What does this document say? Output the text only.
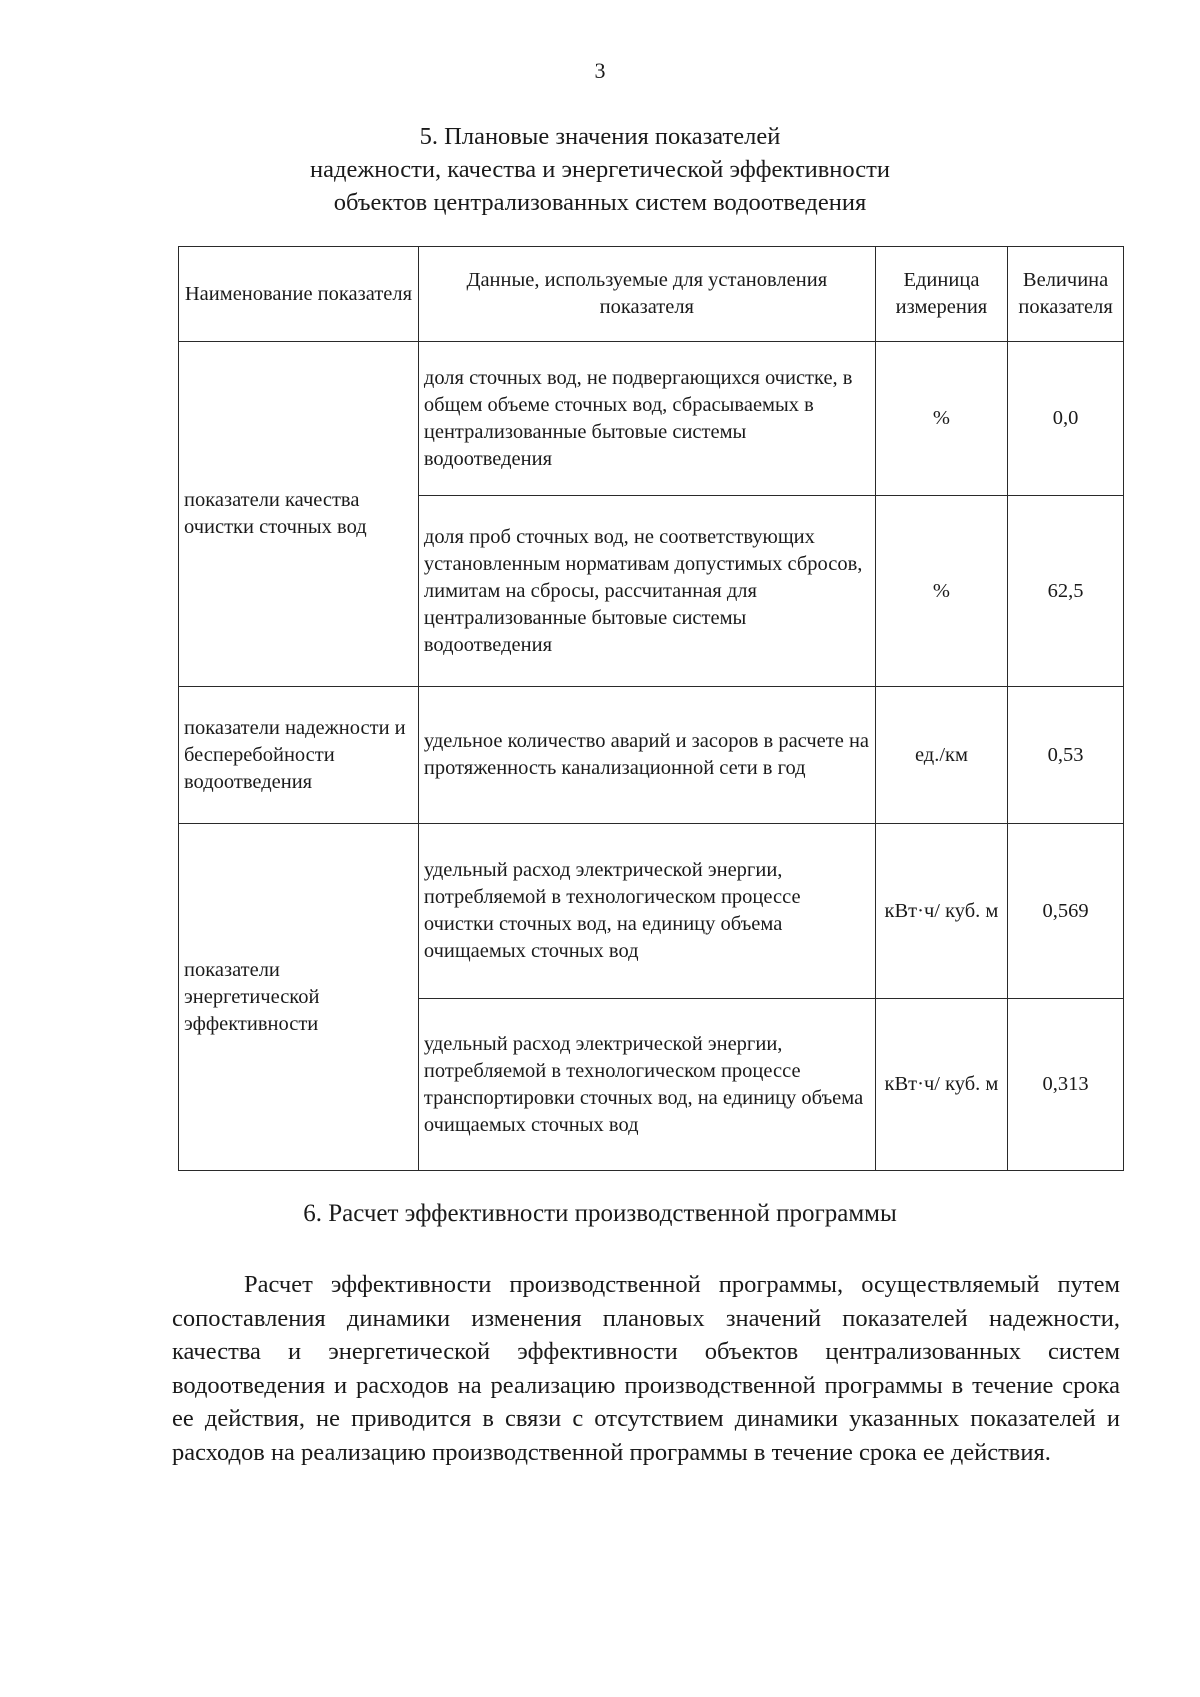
3
5. Плановые значения показателей
надежности, качества и энергетической эффективности
объектов централизованных систем водоотведения
Наименование показателя	Данные, используемые для установления показателя	Единица измерения	Величина показателя
показатели качества очистки сточных вод	доля сточных вод, не подвергающихся очистке, в общем объеме сточных вод, сбрасываемых в централизованные бытовые системы водоотведения	%	0,0
	доля проб сточных вод, не соответствующих установленным нормативам допустимых сбросов, лимитам на сбросы, рассчитанная для централизованные бытовые системы водоотведения	%	62,5
показатели надежности и бесперебойности водоотведения	удельное количество аварий и засоров в расчете на протяженность канализационной сети в год	ед./км	0,53
показатели энергетической эффективности	удельный расход электрической энергии, потребляемой в технологическом процессе очистки сточных вод, на единицу объема очищаемых сточных вод	кВт·ч/ куб. м	0,569
	удельный расход электрической энергии, потребляемой в технологическом процессе транспортировки сточных вод, на единицу объема очищаемых сточных вод	кВт·ч/ куб. м	0,313
6. Расчет эффективности производственной программы

Расчет эффективности производственной программы, осуществляемый путем сопоставления динамики изменения плановых значений показателей надежности, качества и энергетической эффективности объектов централизованных систем водоотведения и расходов на реализацию производственной программы в течение срока ее действия, не приводится в связи с отсутствием динамики указанных показателей и расходов на реализацию производственной программы в течение срока ее действия.
